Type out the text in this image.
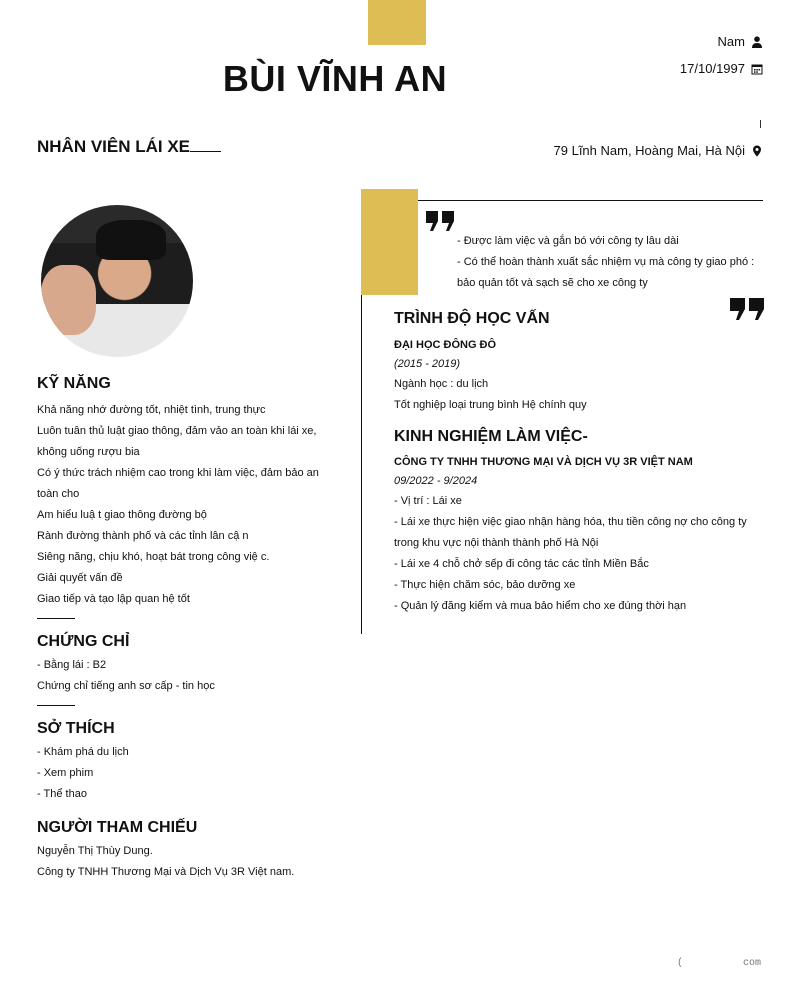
BÙI VĨNH AN
NHÂN VIÊN LÁI XE
Nam
17/10/1997
79 Lĩnh Nam, Hoàng Mai, Hà Nội
KỸ NĂNG
Khả năng nhớ đường tốt, nhiệt tình, trung thực
Luôn tuân thủ luật giao thông, đảm vảo an toàn khi lái xe,
không uống rượu bia
Có ý thức trách nhiệm cao trong khi làm việc, đảm bảo an
toàn cho
Am hiểu luậ t giao thông đường bộ
Rành đường thành phố và các tỉnh lân cậ n
Siêng năng, chịu khó, hoạt bát trong công việ c.
Giải quyết vấn đề
Giao tiếp và tạo lập quan hệ tốt
CHỨNG CHỈ
- Bằng lái : B2
Chứng chỉ tiếng anh sơ cấp - tin học
SỞ THÍCH
- Khám phá du lịch
- Xem phim
- Thể thao
NGƯỜI THAM CHIẾU
Nguyễn Thị Thùy Dung.
Công ty TNHH Thương Mại và Dịch Vụ 3R Việt nam.
- Được làm việc và gắn bó với công ty lâu dài
- Có thể hoàn thành xuất sắc nhiệm vụ mà công ty giao phó :
bảo quản tốt và sạch sẽ cho xe công ty
TRÌNH ĐỘ HỌC VẤN
ĐẠI HỌC ĐÔNG ĐÔ
(2015 - 2019)
Ngành học : du lịch
Tốt nghiệp loại trung bình Hệ chính quy
KINH NGHIỆM LÀM VIỆC-
CÔNG TY TNHH THƯƠNG MẠI VÀ DỊCH VỤ 3R VIỆT NAM
09/2022 - 9/2024
- Vị trí : Lái xe
- Lái xe thực hiện việc giao nhận hàng hóa, thu tiền công nợ cho công ty
trong khu vực nội thành thành phố Hà Nội
- Lái xe 4 chỗ chở sếp đi công tác các tỉnh Miền Bắc
- Thực hiện chăm sóc, bảo dưỡng xe
- Quản lý đăng kiểm và mua bảo hiểm cho xe đúng thời hạn
(          com
